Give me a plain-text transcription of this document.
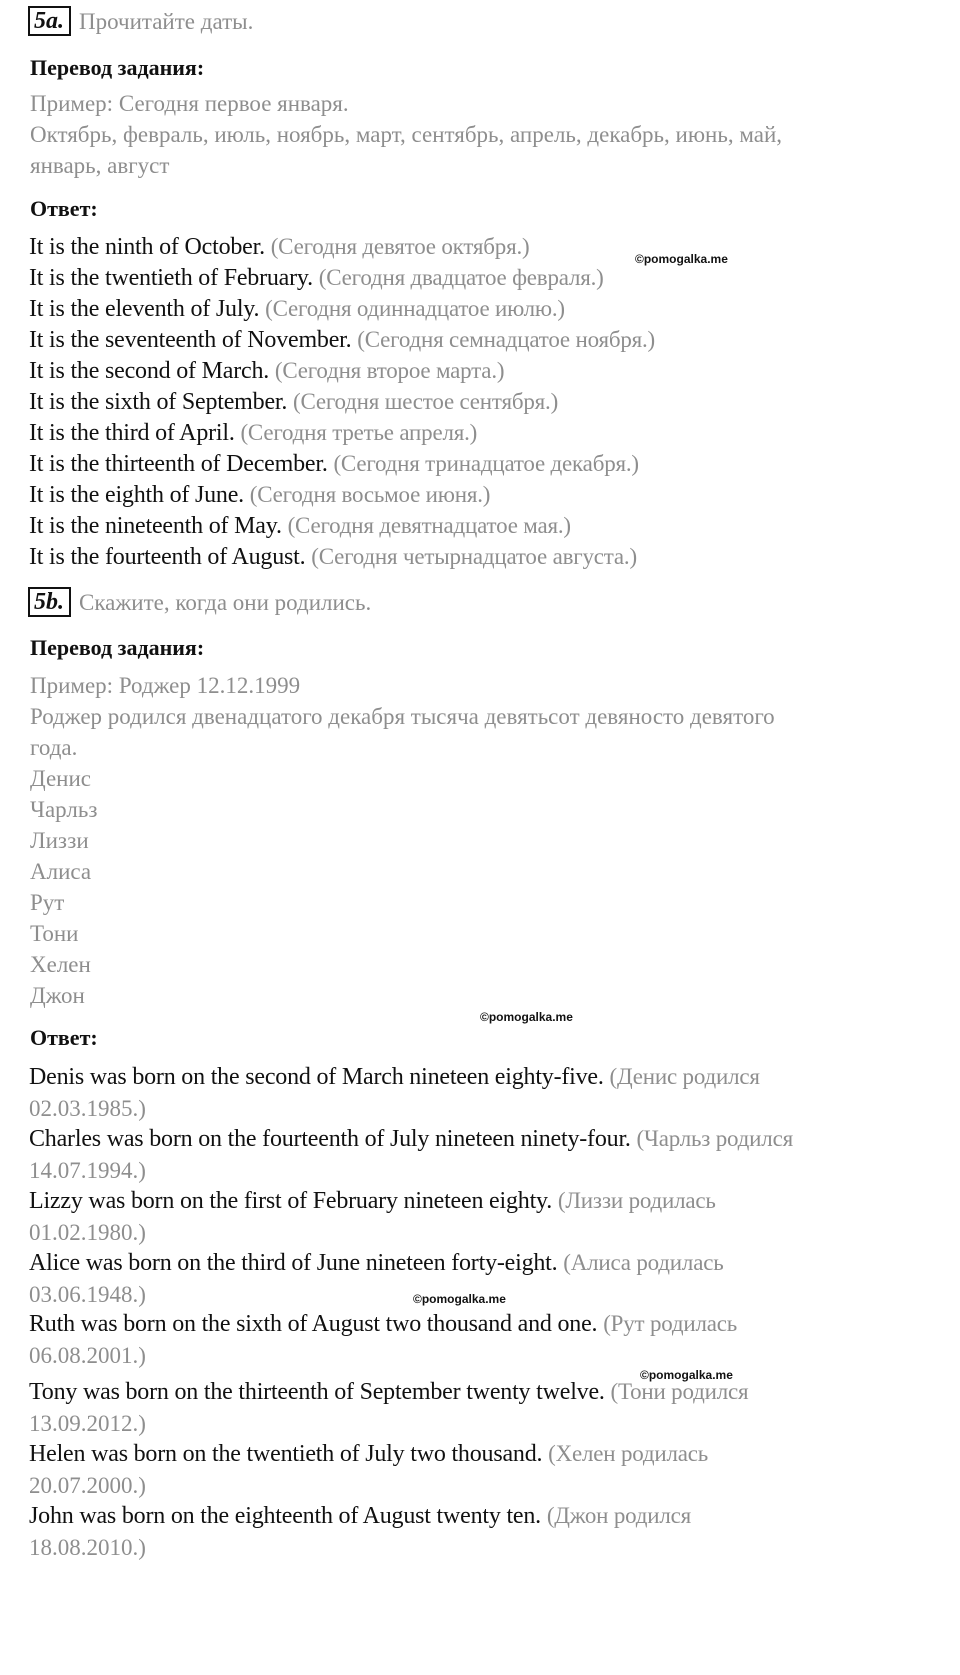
5a. Прочитайте даты.
Перевод задания:
Пример: Сегодня первое января.
Октябрь, февраль, июль, ноябрь, март, сентябрь, апрель, декабрь, июнь, май,
январь, август
Ответ:
It is the ninth of October. (Сегодня девятое октября.)
It is the twentieth of February. (Сегодня двадцатое февраля.)
It is the eleventh of July. (Сегодня одиннадцатое июлю.)
It is the seventeenth of November. (Сегодня семнадцатое ноября.)
It is the second of March. (Сегодня второе марта.)
It is the sixth of September. (Сегодня шестое сентября.)
It is the third of April. (Сегодня третье апреля.)
It is the thirteenth of December. (Сегодня тринадцатое декабря.)
It is the eighth of June. (Сегодня восьмое июня.)
It is the nineteenth of May. (Сегодня девятнадцатое мая.)
It is the fourteenth of August. (Сегодня четырнадцатое августа.)
5b. Скажите, когда они родились.
Перевод задания:
Пример: Роджер 12.12.1999
Роджер родился двенадцатого декабря тысяча девятьсот девяносто девятого
года.
Денис
Чарльз
Лиззи
Алиса
Рут
Тони
Хелен
Джон
Ответ:
Denis was born on the second of March nineteen eighty-five. (Денис родился
02.03.1985.)
Charles was born on the fourteenth of July nineteen ninety-four. (Чарльз родился
14.07.1994.)
Lizzy was born on the first of February nineteen eighty. (Лиззи родилась
01.02.1980.)
Alice was born on the third of June nineteen forty-eight. (Алиса родилась
03.06.1948.)
Ruth was born on the sixth of August two thousand and one. (Рут родилась
06.08.2001.)
Tony was born on the thirteenth of September twenty twelve. (Тони родился
13.09.2012.)
Helen was born on the twentieth of July two thousand. (Хелен родилась
20.07.2000.)
John was born on the eighteenth of August twenty ten. (Джон родился
18.08.2010.)
©pomogalka.me
©pomogalka.me
©pomogalka.me
©pomogalka.me
